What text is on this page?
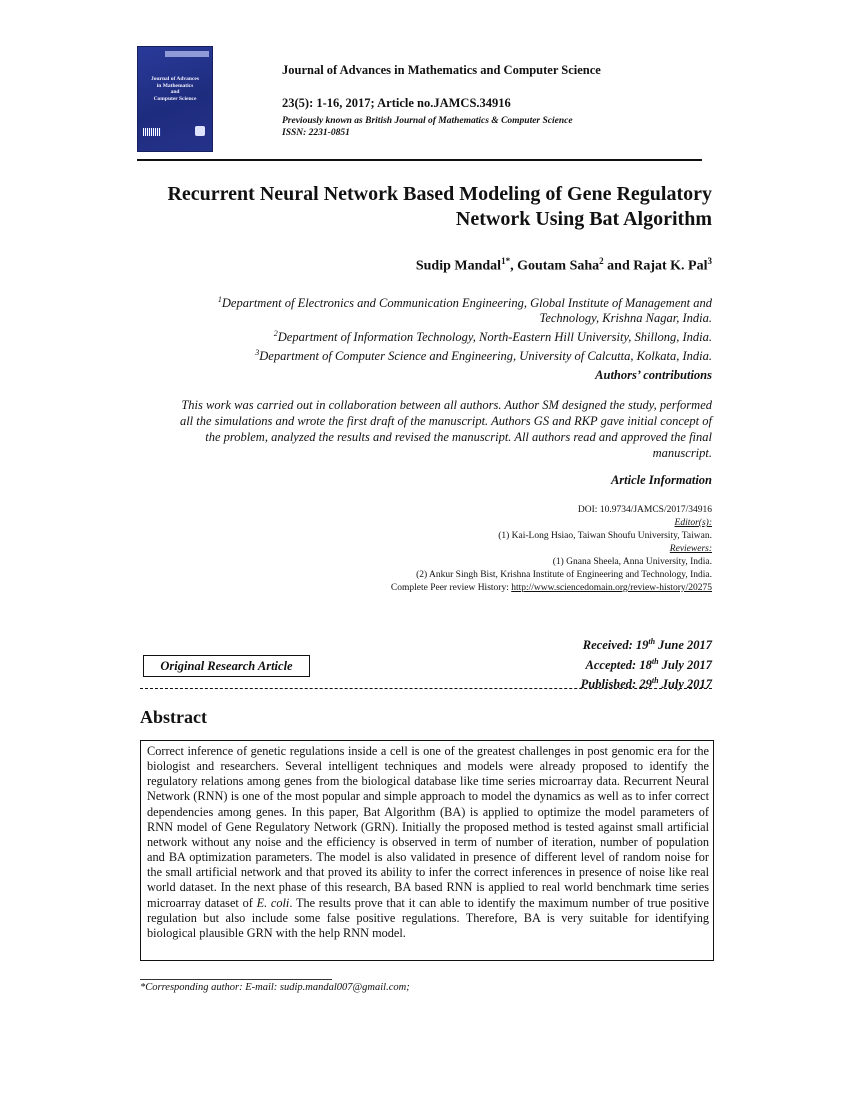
Journal of Advances
in Mathematics
and
Computer Science
Journal of Advances in Mathematics and Computer Science
23(5): 1-16, 2017; Article no.JAMCS.34916
Previously known as British Journal of Mathematics & Computer Science
ISSN: 2231-0851
Recurrent Neural Network Based Modeling of Gene Regulatory
Network Using Bat Algorithm
Sudip Mandal$^{1*}$, Goutam Saha$^2$ and Rajat K. Pal$^3$
$^1$Department of Electronics and Communication Engineering, Global Institute of Management and
Technology, Krishna Nagar, India.
$^2$Department of Information Technology, North-Eastern Hill University, Shillong, India.
$^3$Department of Computer Science and Engineering, University of Calcutta, Kolkata, India.
Authors’ contributions
This work was carried out in collaboration between all authors. Author SM designed the study, performed
all the simulations and wrote the first draft of the manuscript. Authors GS and RKP gave initial concept of
the problem, analyzed the results and revised the manuscript. All authors read and approved the final
manuscript.
Article Information
DOI: 10.9734/JAMCS/2017/34916
Editor(s):
(1) Kai-Long Hsiao, Taiwan Shoufu University, Taiwan.
Reviewers:
(1) Gnana Sheela, Anna University, India.
(2) Ankur Singh Bist, Krishna Institute of Engineering and Technology, India.
Complete Peer review History: http://www.sciencedomain.org/review-history/20275
Received: 19th June 2017
Accepted: 18th July 2017
Published: 29th July 2017
Original Research Article
Abstract
Correct inference of genetic regulations inside a cell is one of the greatest challenges in post genomic era for the biologist and researchers. Several intelligent techniques and models were already proposed to identify the regulatory relations among genes from the biological database like time series microarray data. Recurrent Neural Network (RNN) is one of the most popular and simple approach to model the dynamics as well as to infer correct dependencies among genes. In this paper, Bat Algorithm (BA) is applied to optimize the model parameters of RNN model of Gene Regulatory Network (GRN). Initially the proposed method is tested against small artificial network without any noise and the efficiency is observed in term of number of iteration, number of population and BA optimization parameters. The model is also validated in presence of different level of random noise for the small artificial network and that proved its ability to infer the correct inferences in presence of noise like real world dataset. In the next phase of this research, BA based RNN is applied to real world benchmark time series microarray dataset of E. coli. The results prove that it can able to identify the maximum number of true positive regulation but also include some false positive regulations. Therefore, BA is very suitable for identifying biological plausible GRN with the help RNN model.
*Corresponding author: E-mail: sudip.mandal007@gmail.com;
